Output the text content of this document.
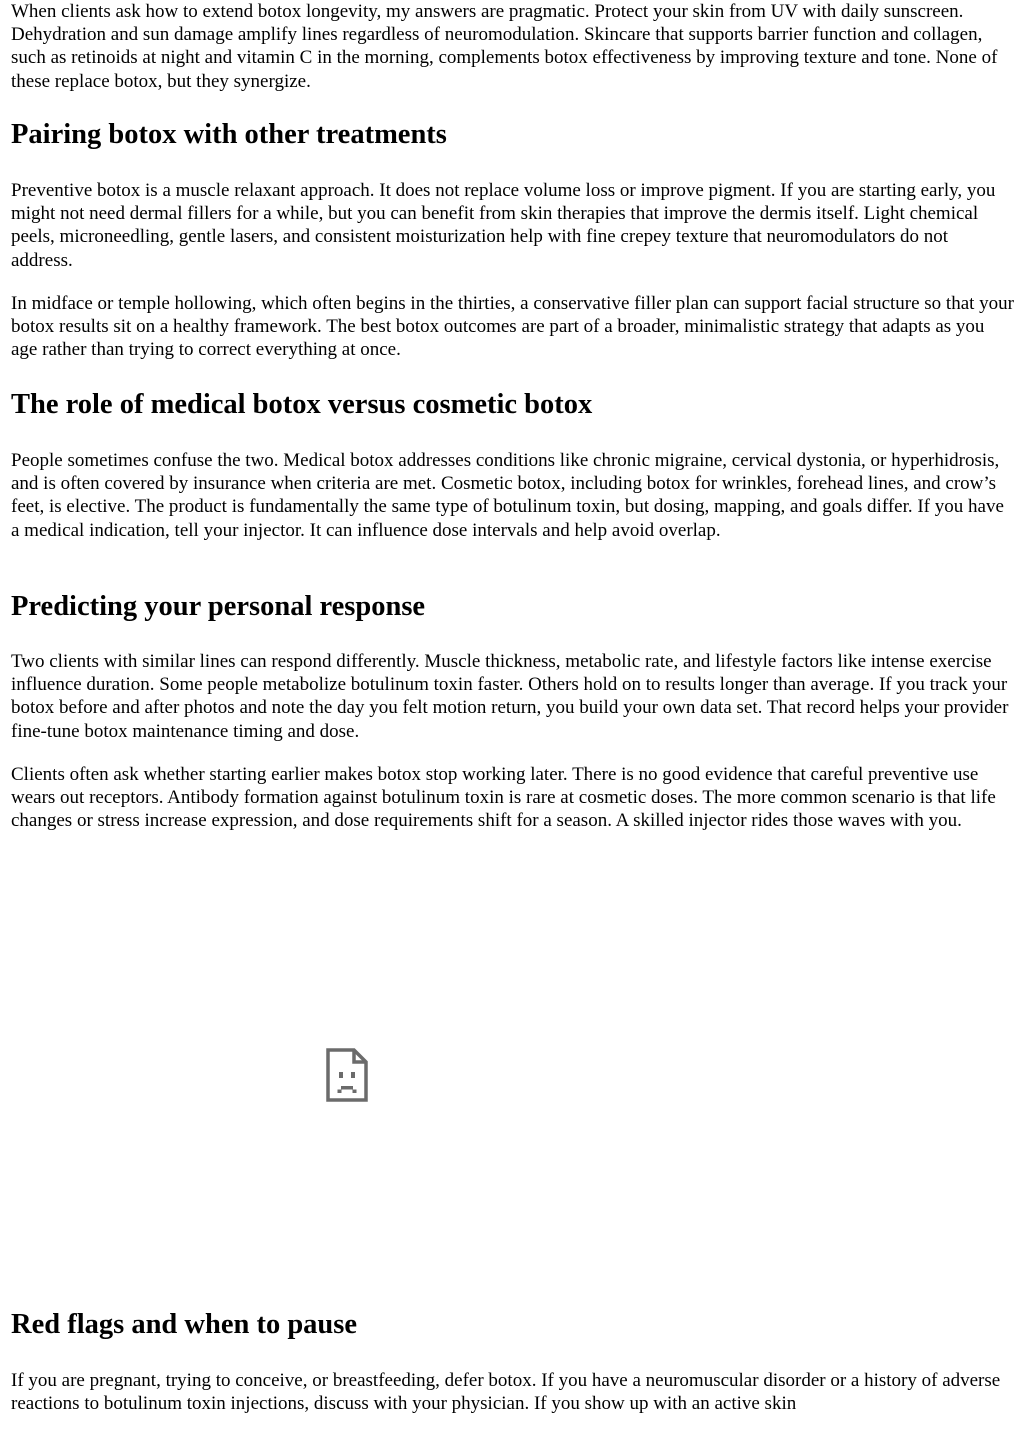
When clients ask how to extend botox longevity, my answers are pragmatic. Protect your skin from UV with daily sunscreen. Dehydration and sun damage amplify lines regardless of neuromodulation. Skincare that supports barrier function and collagen, such as retinoids at night and vitamin C in the morning, complements botox effectiveness by improving texture and tone. None of these replace botox, but they synergize.

Pairing botox with other treatments

Preventive botox is a muscle relaxant approach. It does not replace volume loss or improve pigment. If you are starting early, you might not need dermal fillers for a while, but you can benefit from skin therapies that improve the dermis itself. Light chemical peels, microneedling, gentle lasers, and consistent moisturization help with fine crepey texture that neuromodulators do not address.

In midface or temple hollowing, which often begins in the thirties, a conservative filler plan can support facial structure so that your botox results sit on a healthy framework. The best botox outcomes are part of a broader, minimalistic strategy that adapts as you age rather than trying to correct everything at once.

The role of medical botox versus cosmetic botox

People sometimes confuse the two. Medical botox addresses conditions like chronic migraine, cervical dystonia, or hyperhidrosis, and is often covered by insurance when criteria are met. Cosmetic botox, including botox for wrinkles, forehead lines, and crow’s feet, is elective. The product is fundamentally the same type of botulinum toxin, but dosing, mapping, and goals differ. If you have a medical indication, tell your injector. It can influence dose intervals and help avoid overlap.

Predicting your personal response

Two clients with similar lines can respond differently. Muscle thickness, metabolic rate, and lifestyle factors like intense exercise influence duration. Some people metabolize botulinum toxin faster. Others hold on to results longer than average. If you track your botox before and after photos and note the day you felt motion return, you build your own data set. That record helps your provider fine-tune botox maintenance timing and dose.

Clients often ask whether starting earlier makes botox stop working later. There is no good evidence that careful preventive use wears out receptors. Antibody formation against botulinum toxin is rare at cosmetic doses. The more common scenario is that life changes or stress increase expression, and dose requirements shift for a season. A skilled injector rides those waves with you.

Red flags and when to pause

If you are pregnant, trying to conceive, or breastfeeding, defer botox. If you have a neuromuscular disorder or a history of adverse reactions to botulinum toxin injections, discuss with your physician. If you show up with an active skin
